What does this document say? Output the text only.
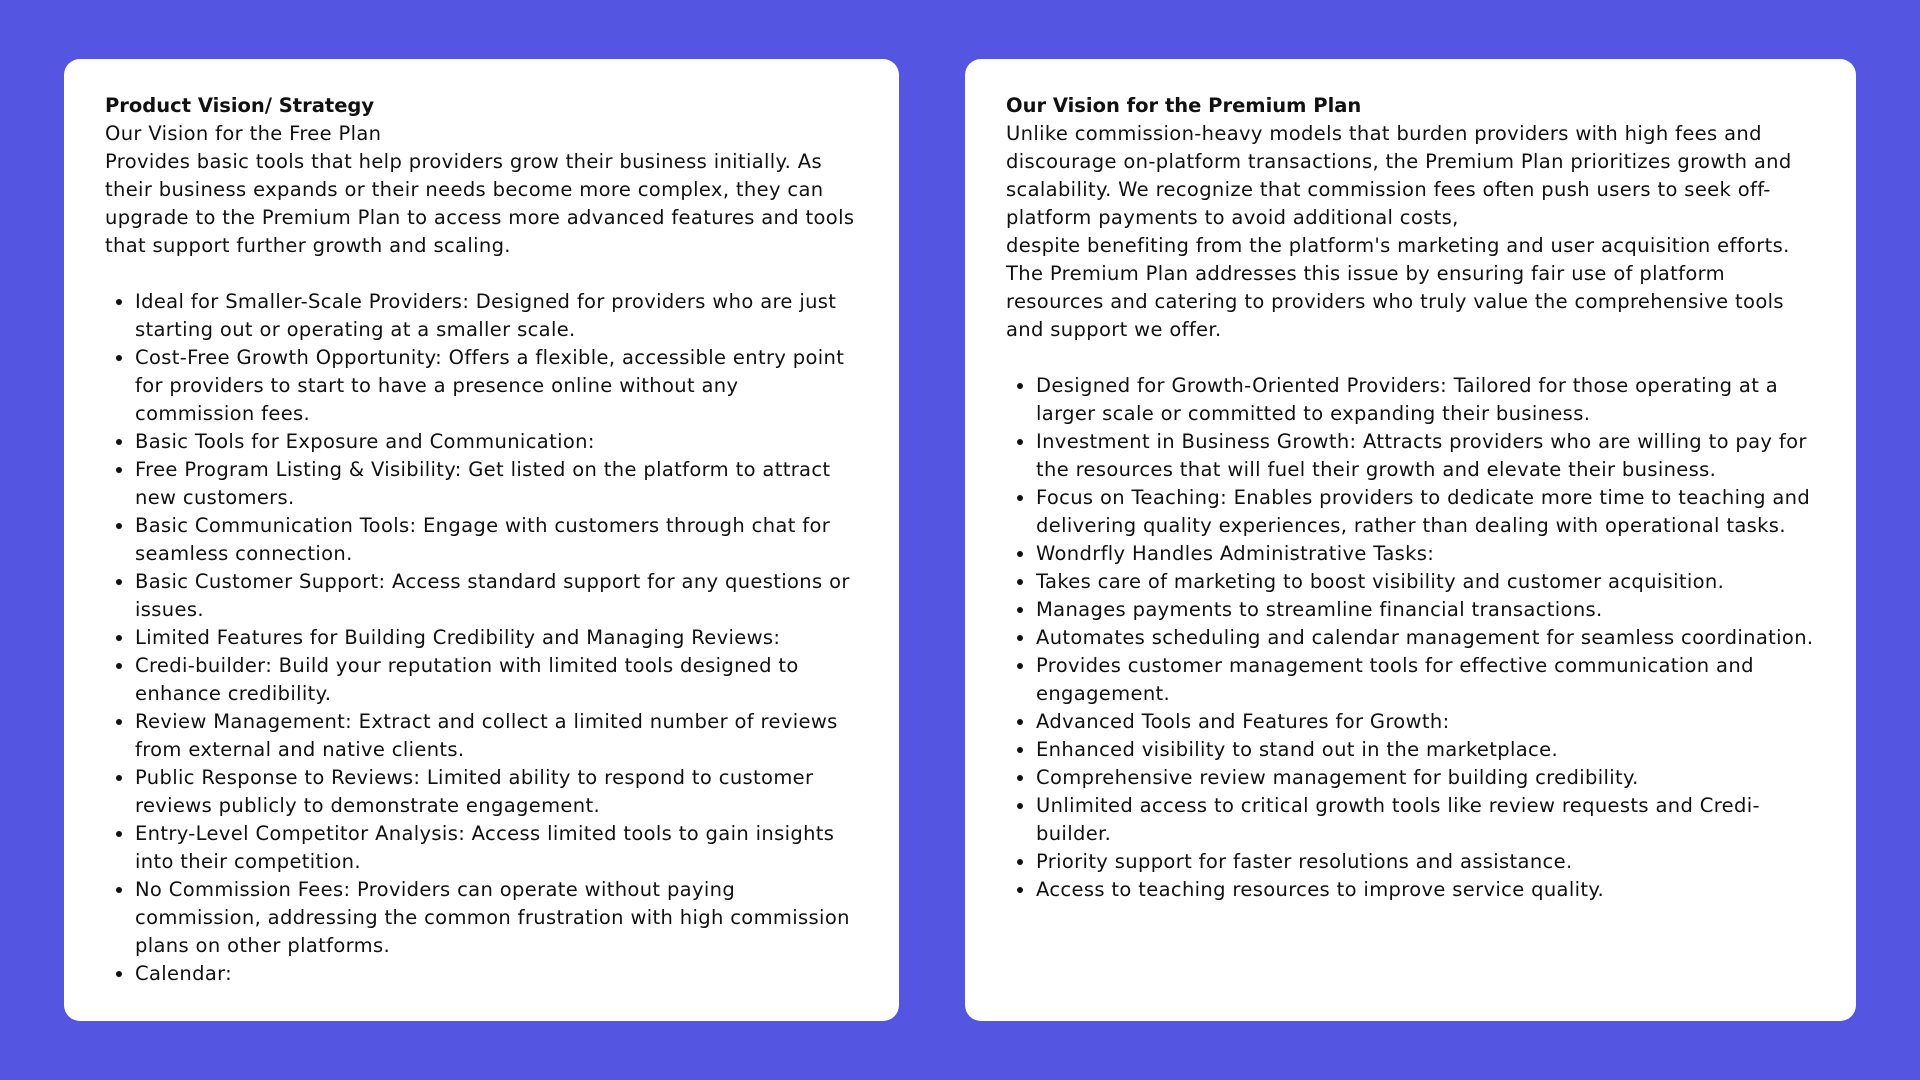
Product Vision/ Strategy

Our Vision for the Free Plan

Provides basic tools that help providers grow their business initially. As their business expands or their needs become more complex, they can upgrade to the Premium Plan to access more advanced features and tools that support further growth and scaling.

Ideal for Smaller-Scale Providers: Designed for providers who are just starting out or operating at a smaller scale.
Cost-Free Growth Opportunity: Offers a flexible, accessible entry point for providers to start to have a presence online without any commission fees.
Basic Tools for Exposure and Communication:
Free Program Listing & Visibility: Get listed on the platform to attract new customers.
Basic Communication Tools: Engage with customers through chat for seamless connection.
Basic Customer Support: Access standard support for any questions or issues.
Limited Features for Building Credibility and Managing Reviews:
Credi-builder: Build your reputation with limited tools designed to enhance credibility.
Review Management: Extract and collect a limited number of reviews from external and native clients.
Public Response to Reviews: Limited ability to respond to customer reviews publicly to demonstrate engagement.
Entry-Level Competitor Analysis: Access limited tools to gain insights into their competition.
No Commission Fees: Providers can operate without paying commission, addressing the common frustration with high commission plans on other platforms.
Calendar:

Our Vision for the Premium Plan

Unlike commission-heavy models that burden providers with high fees and discourage on-platform transactions, the Premium Plan prioritizes growth and scalability. We recognize that commission fees often push users to seek off-platform payments to avoid additional costs,

despite benefiting from the platform's marketing and user acquisition efforts. The Premium Plan addresses this issue by ensuring fair use of platform resources and catering to providers who truly value the comprehensive tools and support we offer.

Designed for Growth-Oriented Providers: Tailored for those operating at a larger scale or committed to expanding their business.
Investment in Business Growth: Attracts providers who are willing to pay for the resources that will fuel their growth and elevate their business.
Focus on Teaching: Enables providers to dedicate more time to teaching and delivering quality experiences, rather than dealing with operational tasks.
Wondrfly Handles Administrative Tasks:
Takes care of marketing to boost visibility and customer acquisition.
Manages payments to streamline financial transactions.
Automates scheduling and calendar management for seamless coordination.
Provides customer management tools for effective communication and engagement.
Advanced Tools and Features for Growth:
Enhanced visibility to stand out in the marketplace.
Comprehensive review management for building credibility.
Unlimited access to critical growth tools like review requests and Credi-builder.
Priority support for faster resolutions and assistance.
Access to teaching resources to improve service quality.
